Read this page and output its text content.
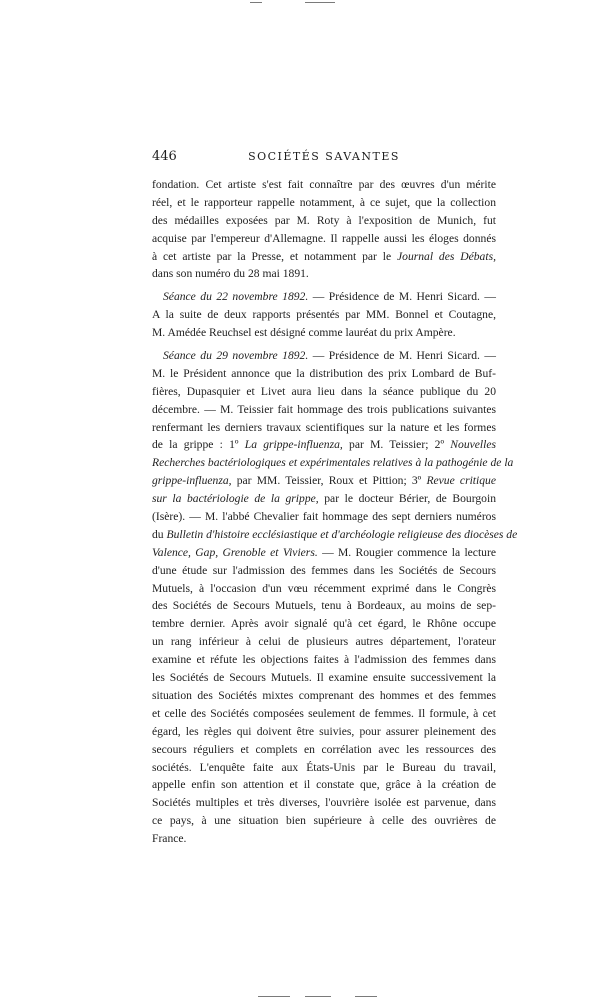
446	SOCIÉTÉS SAVANTES
fondation. Cet artiste s'est fait connaître par des œuvres d'un mérite
réel, et le rapporteur rappelle notamment, à ce sujet, que la collection
des médailles exposées par M. Roty à l'exposition de Munich, fut
acquise par l'empereur d'Allemagne. Il rappelle aussi les éloges donnés
à cet artiste par la Presse, et notamment par le Journal des Débats,
dans son numéro du 28 mai 1891.
Séance du 22 novembre 1892. — Présidence de M. Henri Sicard. —
A la suite de deux rapports présentés par MM. Bonnel et Coutagne,
M. Amédée Reuchsel est désigné comme lauréat du prix Ampère.
Séance du 29 novembre 1892. — Présidence de M. Henri Sicard. —
M. le Président annonce que la distribution des prix Lombard de Buf-
fières, Dupasquier et Livet aura lieu dans la séance publique du 20
décembre. — M. Teissier fait hommage des trois publications suivantes
renfermant les derniers travaux scientifiques sur la nature et les formes
de la grippe : 1º La grippe-influenza, par M. Teissier; 2º Nouvelles
Recherches bactériologiques et expérimentales relatives à la pathogénie de la
grippe-influenza, par MM. Teissier, Roux et Pittion; 3º Revue critique
sur la bactériologie de la grippe, par le docteur Bérier, de Bourgoin
(Isère). — M. l'abbé Chevalier fait hommage des sept derniers numéros
du Bulletin d'histoire ecclésiastique et d'archéologie religieuse des diocèses de
Valence, Gap, Grenoble et Viviers. — M. Rougier commence la lecture
d'une étude sur l'admission des femmes dans les Sociétés de Secours
Mutuels, à l'occasion d'un vœu récemment exprimé dans le Congrès
des Sociétés de Secours Mutuels, tenu à Bordeaux, au moins de sep-
tembre dernier. Après avoir signalé qu'à cet égard, le Rhône occupe
un rang inférieur à celui de plusieurs autres département, l'orateur
examine et réfute les objections faites à l'admission des femmes dans
les Sociétés de Secours Mutuels. Il examine ensuite successivement la
situation des Sociétés mixtes comprenant des hommes et des femmes
et celle des Sociétés composées seulement de femmes. Il formule, à cet
égard, les règles qui doivent être suivies, pour assurer pleinement des
secours réguliers et complets en corrélation avec les ressources des
sociétés. L'enquête faite aux États-Unis par le Bureau du travail,
appelle enfin son attention et il constate que, grâce à la création de
Sociétés multiples et très diverses, l'ouvrière isolée est parvenue, dans
ce pays, à une situation bien supérieure à celle des ouvrières de
France.
